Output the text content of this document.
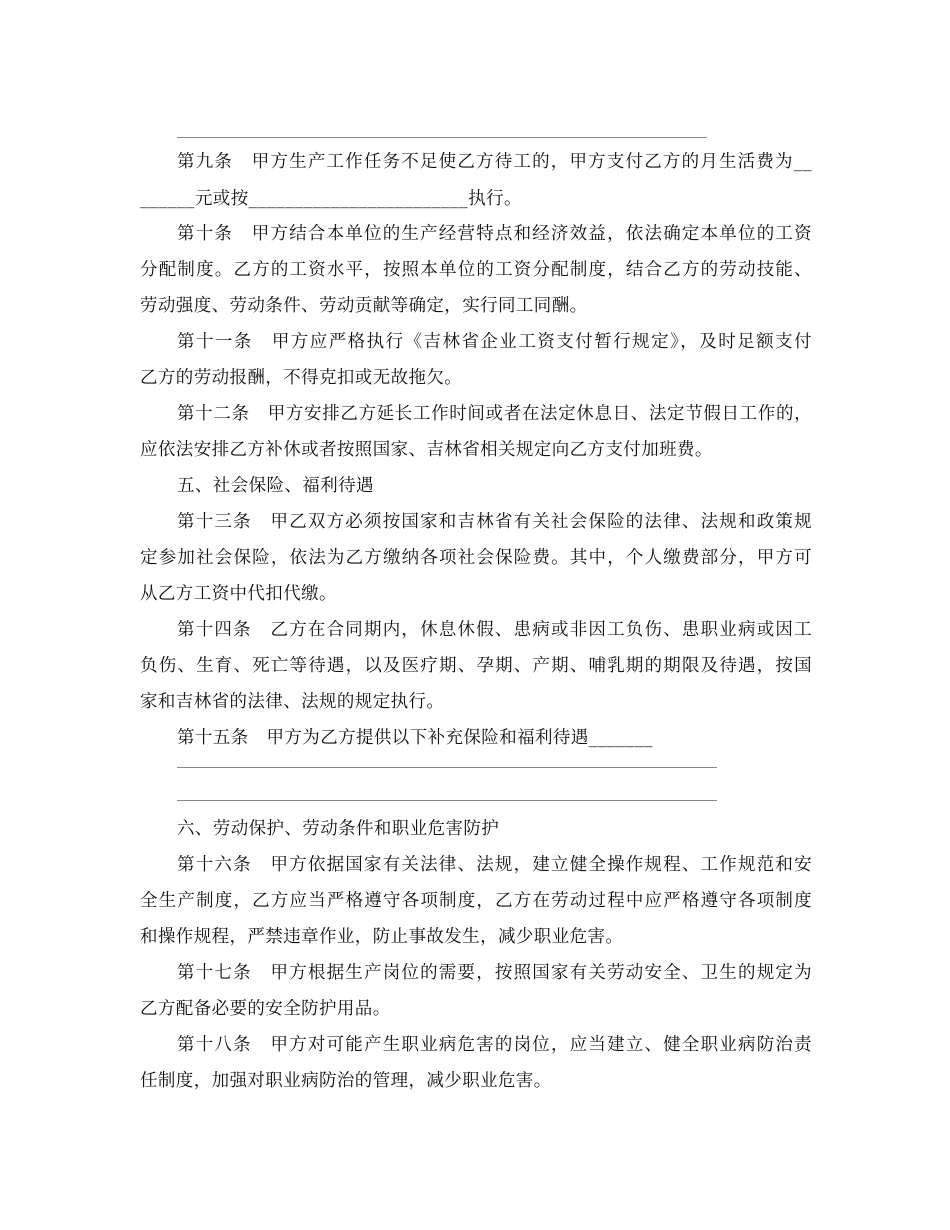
第九条　甲方生产工作任务不足使乙方待工的，甲方支付乙方的月生活费为__
______元或按________________________执行。
第十条　甲方结合本单位的生产经营特点和经济效益，依法确定本单位的工资
分配制度。乙方的工资水平，按照本单位的工资分配制度，结合乙方的劳动技能、
劳动强度、劳动条件、劳动贡献等确定，实行同工同酬。
第十一条　甲方应严格执行《吉林省企业工资支付暂行规定》，及时足额支付
乙方的劳动报酬，不得克扣或无故拖欠。
第十二条　甲方安排乙方延长工作时间或者在法定休息日、法定节假日工作的，
应依法安排乙方补休或者按照国家、吉林省相关规定向乙方支付加班费。
五、社会保险、福利待遇
第十三条　甲乙双方必须按国家和吉林省有关社会保险的法律、法规和政策规
定参加社会保险，依法为乙方缴纳各项社会保险费。其中，个人缴费部分，甲方可
从乙方工资中代扣代缴。
第十四条　乙方在合同期内，休息休假、患病或非因工负伤、患职业病或因工
负伤、生育、死亡等待遇，以及医疗期、孕期、产期、哺乳期的期限及待遇，按国
家和吉林省的法律、法规的规定执行。
第十五条　甲方为乙方提供以下补充保险和福利待遇_______
六、劳动保护、劳动条件和职业危害防护
第十六条　甲方依据国家有关法律、法规，建立健全操作规程、工作规范和安
全生产制度，乙方应当严格遵守各项制度，乙方在劳动过程中应严格遵守各项制度
和操作规程，严禁违章作业，防止事故发生，减少职业危害。
第十七条　甲方根据生产岗位的需要，按照国家有关劳动安全、卫生的规定为
乙方配备必要的安全防护用品。
第十八条　甲方对可能产生职业病危害的岗位，应当建立、健全职业病防治责
任制度，加强对职业病防治的管理，减少职业危害。
